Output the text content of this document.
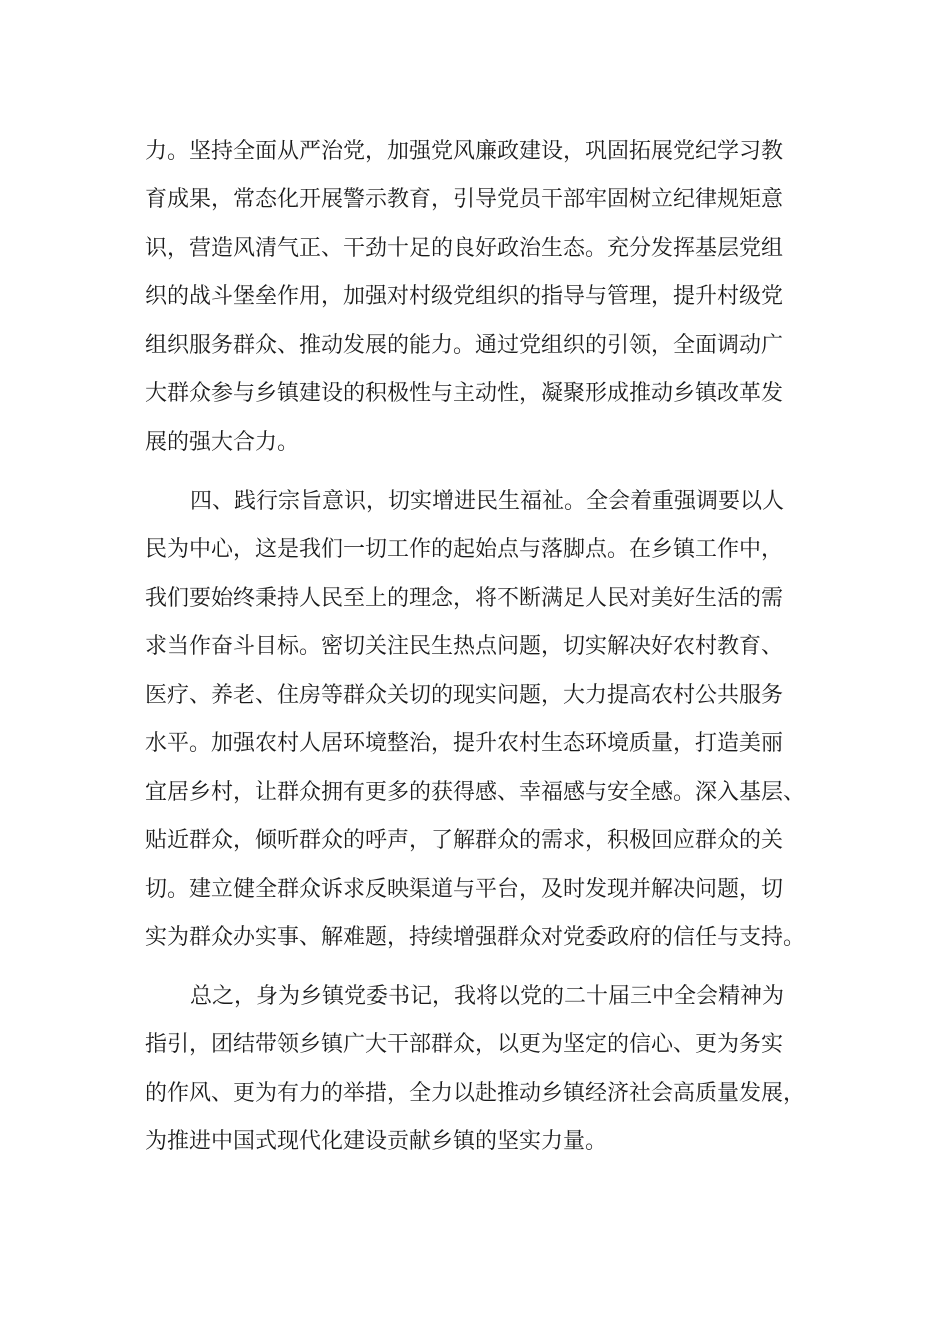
力。坚持全面从严治党，加强党风廉政建设，巩固拓展党纪学习教

育成果，常态化开展警示教育，引导党员干部牢固树立纪律规矩意

识，营造风清气正、干劲十足的良好政治生态。充分发挥基层党组

织的战斗堡垒作用，加强对村级党组织的指导与管理，提升村级党

组织服务群众、推动发展的能力。通过党组织的引领，全面调动广

大群众参与乡镇建设的积极性与主动性，凝聚形成推动乡镇改革发

展的强大合力。

四、践行宗旨意识，切实增进民生福祉。全会着重强调要以人

民为中心，这是我们一切工作的起始点与落脚点。在乡镇工作中，

我们要始终秉持人民至上的理念，将不断满足人民对美好生活的需

求当作奋斗目标。密切关注民生热点问题，切实解决好农村教育、

医疗、养老、住房等群众关切的现实问题，大力提高农村公共服务

水平。加强农村人居环境整治，提升农村生态环境质量，打造美丽

宜居乡村，让群众拥有更多的获得感、幸福感与安全感。深入基层、

贴近群众，倾听群众的呼声，了解群众的需求，积极回应群众的关

切。建立健全群众诉求反映渠道与平台，及时发现并解决问题，切

实为群众办实事、解难题，持续增强群众对党委政府的信任与支持。

总之，身为乡镇党委书记，我将以党的二十届三中全会精神为

指引，团结带领乡镇广大干部群众，以更为坚定的信心、更为务实

的作风、更为有力的举措，全力以赴推动乡镇经济社会高质量发展，

为推进中国式现代化建设贡献乡镇的坚实力量。
